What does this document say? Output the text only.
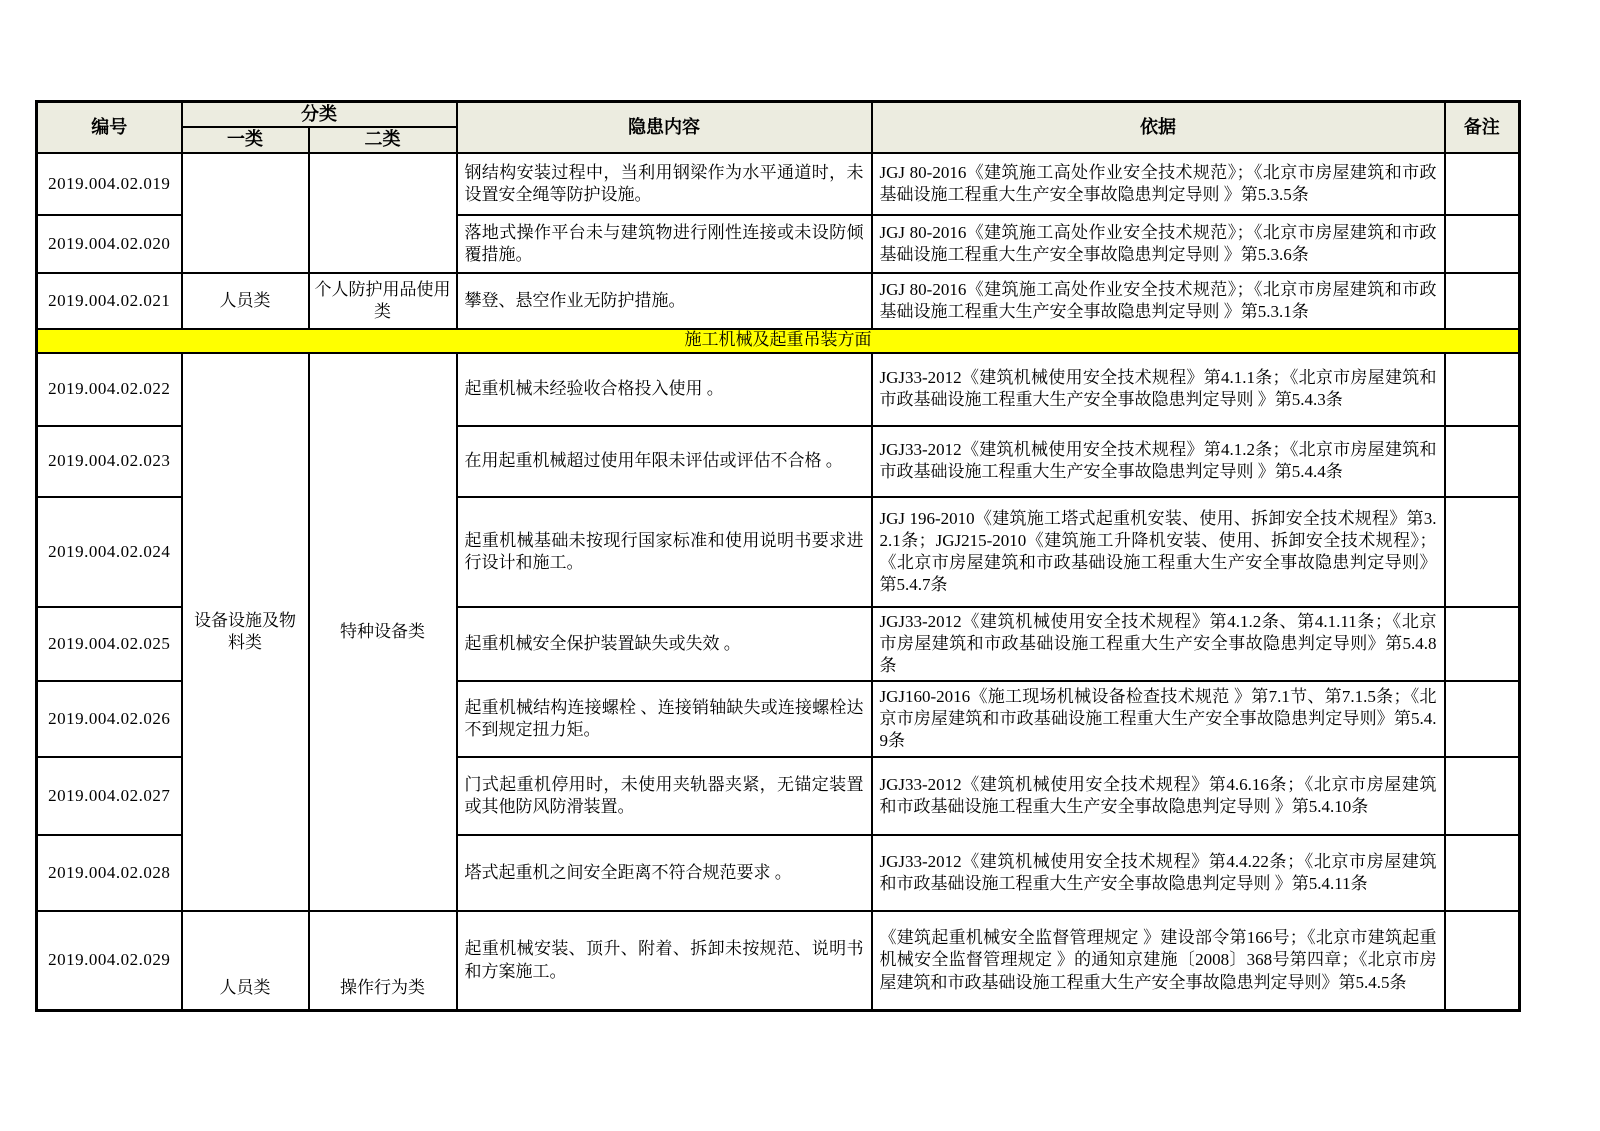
编号	分类		隐患内容	依据	备注
	一类	二类			
2019.004.02.019			钢结构安装过程中，当利用钢梁作为水平通道时，未设置安全绳等防护设施。	JGJ 80-2016《建筑施工高处作业安全技术规范》；《北京市房屋建筑和市政基础设施工程重大生产安全事故隐患判定导则 》第5.3.5条	
2019.004.02.020			落地式操作平台未与建筑物进行刚性连接或未设防倾覆措施。	JGJ 80-2016《建筑施工高处作业安全技术规范》；《北京市房屋建筑和市政基础设施工程重大生产安全事故隐患判定导则 》第5.3.6条	
2019.004.02.021	人员类	个人防护用品使用类	攀登、悬空作业无防护措施。	JGJ 80-2016《建筑施工高处作业安全技术规范》；《北京市房屋建筑和市政基础设施工程重大生产安全事故隐患判定导则 》第5.3.1条	
施工机械及起重吊装方面					
2019.004.02.022	设备设施及物料类	特种设备类	起重机械未经验收合格投入使用 。	JGJ33-2012《建筑机械使用安全技术规程》第4.1.1条；《北京市房屋建筑和市政基础设施工程重大生产安全事故隐患判定导则 》第5.4.3条	
2019.004.02.023			在用起重机械超过使用年限未评估或评估不合格 。	JGJ33-2012《建筑机械使用安全技术规程》第4.1.2条；《北京市房屋建筑和市政基础设施工程重大生产安全事故隐患判定导则 》第5.4.4条	
2019.004.02.024			起重机械基础未按现行国家标准和使用说明书要求进行设计和施工。	JGJ 196-2010《建筑施工塔式起重机安装、使用、拆卸安全技术规程》第3.2.1条；JGJ215-2010《建筑施工升降机安装、使用、拆卸安全技术规程》；《北京市房屋建筑和市政基础设施工程重大生产安全事故隐患判定导则》第5.4.7条	
2019.004.02.025			起重机械安全保护装置缺失或失效 。	JGJ33-2012《建筑机械使用安全技术规程》第4.1.2条、第4.1.11条；《北京市房屋建筑和市政基础设施工程重大生产安全事故隐患判定导则》第5.4.8条	
2019.004.02.026			起重机械结构连接螺栓 、连接销轴缺失或连接螺栓达不到规定扭力矩。	JGJ160-2016《施工现场机械设备检查技术规范 》第7.1节、第7.1.5条；《北京市房屋建筑和市政基础设施工程重大生产安全事故隐患判定导则》第5.4.9条	
2019.004.02.027			门式起重机停用时，未使用夹轨器夹紧，无锚定装置或其他防风防滑装置。	JGJ33-2012《建筑机械使用安全技术规程》第4.6.16条；《北京市房屋建筑和市政基础设施工程重大生产安全事故隐患判定导则 》第5.4.10条	
2019.004.02.028			塔式起重机之间安全距离不符合规范要求 。	JGJ33-2012《建筑机械使用安全技术规程》第4.4.22条；《北京市房屋建筑和市政基础设施工程重大生产安全事故隐患判定导则 》第5.4.11条	
2019.004.02.029	人员类	操作行为类	起重机械安装、顶升、附着、拆卸未按规范、说明书和方案施工。	《建筑起重机械安全监督管理规定 》建设部令第166号；《北京市建筑起重机械安全监督管理规定 》的通知京建施〔2008〕368号第四章；《北京市房屋建筑和市政基础设施工程重大生产安全事故隐患判定导则》第5.4.5条	
